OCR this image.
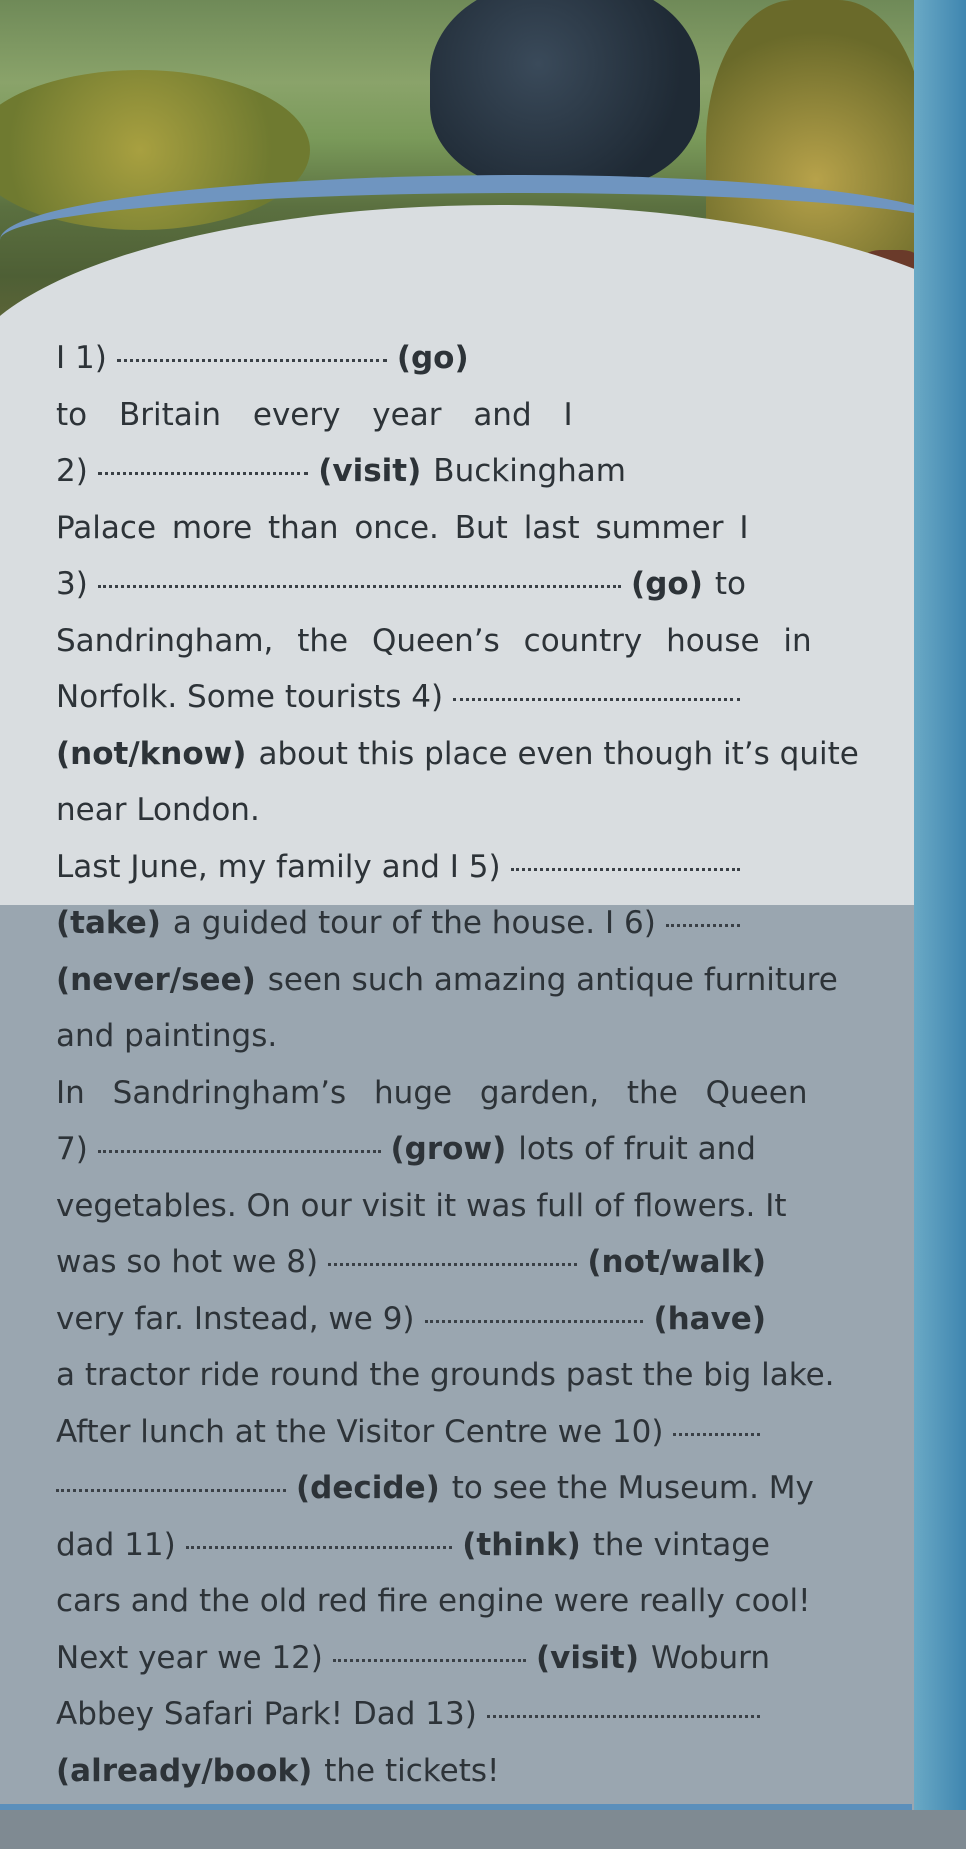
I 1)	(go)
to Britain every year and I
2)	(visit) Buckingham
Palace more than once. But last summer I
3)	(go) to
Sandringham, the Queen’s country house in
Norfolk. Some tourists 4)
(not/know) about this place even though it’s quite
near London.
Last June, my family and I 5)
(take) a guided tour of the house. I 6)
(never/see) seen such amazing antique furniture
and paintings.
In Sandringham’s huge garden, the Queen
7)	(grow) lots of fruit and
vegetables. On our visit it was full of flowers. It
was so hot we 8)	(not/walk)
very far. Instead, we 9)	(have)
a tractor ride round the grounds past the big lake.
After lunch at the Visitor Centre we 10)
(decide) to see the Museum. My
dad 11)	(think) the vintage
cars and the old red fire engine were really cool!
Next year we 12)	(visit) Woburn
Abbey Safari Park! Dad 13)
(already/book) the tickets!
